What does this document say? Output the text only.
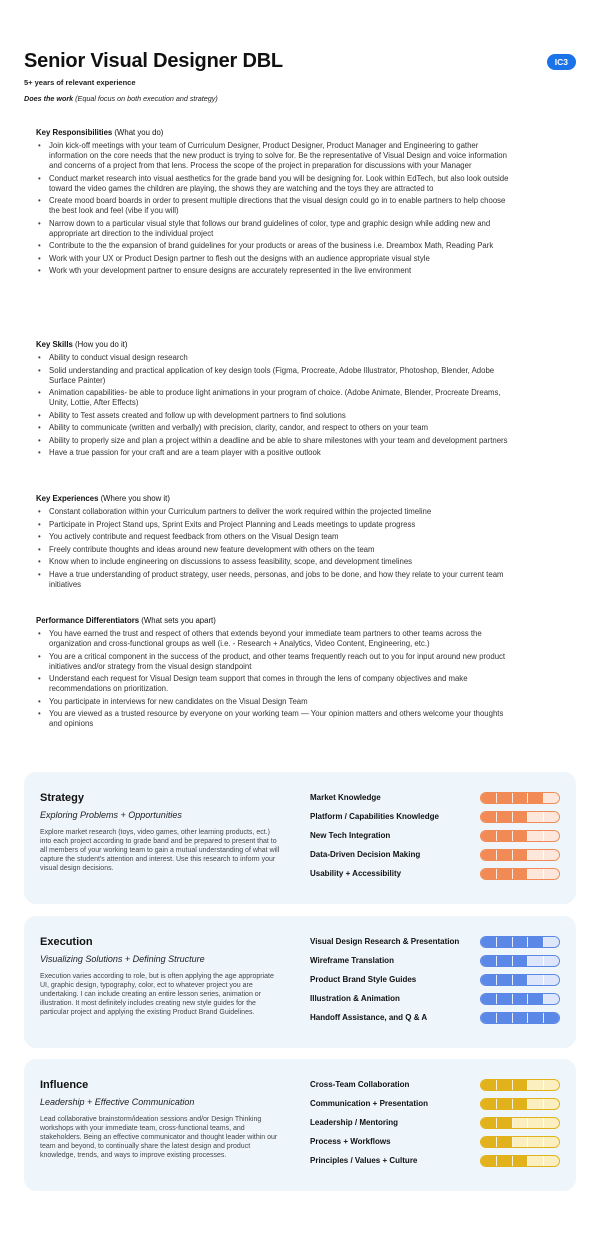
Senior Visual Designer DBL	IC3
5+ years of relevant experience
Does the work (Equal focus on both execution and strategy)
Key Responsibilities (What you do)
• Join kick-off meetings with your team of Curriculum Designer, Product Designer, Product Manager and Engineering to gather information on the core needs that the new product is trying to solve for. Be the representative of Visual Design and voice information and concerns of a project from that lens. Process the scope of the project in preparation for discussions with your Manager
• Conduct market research into visual aesthetics for the grade band you will be designing for. Look within EdTech, but also look outside toward the video games the children are playing, the shows they are watching and the toys they are attracted to
• Create mood board boards in order to present multiple directions that the visual design could go in to enable partners to help choose the best look and feel (vibe if you will)
• Narrow down to a particular visual style that follows our brand guidelines of color, type and graphic design while adding new and appropriate art direction to the individual project
• Contribute to the the expansion of brand guidelines for your products or areas of the business i.e. Dreambox Math, Reading Park
• Work with your UX or Product Design partner to flesh out the designs with an audience appropriate visual style
• Work wth your development partner to ensure designs are accurately represented in the live environment
Key Skills (How you do it)
• Ability to conduct visual design research
• Solid understanding and practical application of key design tools (Figma, Procreate, Adobe Illustrator, Photoshop, Blender, Adobe Surface Painter)
• Animation capabilities- be able to produce light animations in your program of choice. (Adobe Animate, Blender, Procreate Dreams, Unity, Lottie, After Effects)
• Ability to Test assets created and follow up with development partners to find solutions
• Ability to communicate (written and verbally) with precision, clarity, candor, and respect to others on your team
• Ability to properly size and plan a project within a deadline and be able to share milestones with your team and development partners
• Have a true passion for your craft and are a team player with a positive outlook
Key Experiences (Where you show it)
• Constant collaboration within your Curriculum partners to deliver the work required within the projected timeline
• Participate in Project Stand ups, Sprint Exits and Project Planning and Leads meetings to update progress
• You actively contribute and request feedback from others on the Visual Design team
• Freely contribute thoughts and ideas around new feature development with others on the team
• Know when to include engineering on discussions to assess feasibility, scope, and development timelines
• Have a true understanding of product strategy, user needs, personas, and jobs to be done, and how they relate to your current team initiatives
Performance Differentiators (What sets you apart)
• You have earned the trust and respect of others that extends beyond your immediate team partners to other teams across the organization and cross-functional groups as well (i.e. - Research + Analytics, Video Content, Engineering, etc.)
• You are a critical component in the success of the product, and other teams frequently reach out to you for input around new product initiatives and/or strategy from the visual design standpoint
• Understand each request for Visual Design team support that comes in through the lens of company objectives and make recommendations on prioritization.
• You participate in interviews for new candidates on the Visual Design Team
• You are viewed as a trusted resource by everyone on your working team — Your opinion matters and others welcome your thoughts and opinions
Strategy
Exploring Problems + Opportunities
Explore market research (toys, video games, other learning products, ect.) into each project according to grade band and be prepared to present that to all members of your working team to gain a mutual understanding of what will capture the student's attention and interest. Use this research to inform your visual design decisions.
Market Knowledge
Platform / Capabilities Knowledge
New Tech Integration
Data-Driven Decision Making
Usability + Accessibility
Execution
Visualizing Solutions + Defining Structure
Execution varies according to role, but is often applying the age appropriate UI, graphic design, typography, color, ect to whatever project you are undertaking. I can include creating an entire lesson series, animation or illustration. It most definitely includes creating new style guides for the particular project and applying the existing Product Brand Guidelines.
Visual Design Research & Presentation
Wireframe Translation
Product Brand Style Guides
Illustration & Animation
Handoff Assistance, and Q & A
Influence
Leadership + Effective Communication
Lead collaborative brainstorm/ideation sessions and/or Design Thinking workshops with your immediate team, cross-functional teams, and stakeholders. Being an effective communicator and thought leader within our team and beyond, to continually share the latest design and product knowledge, trends, and ways to improve existing processes.
Cross-Team Collaboration
Communication + Presentation
Leadership / Mentoring
Process + Workflows
Principles / Values + Culture
